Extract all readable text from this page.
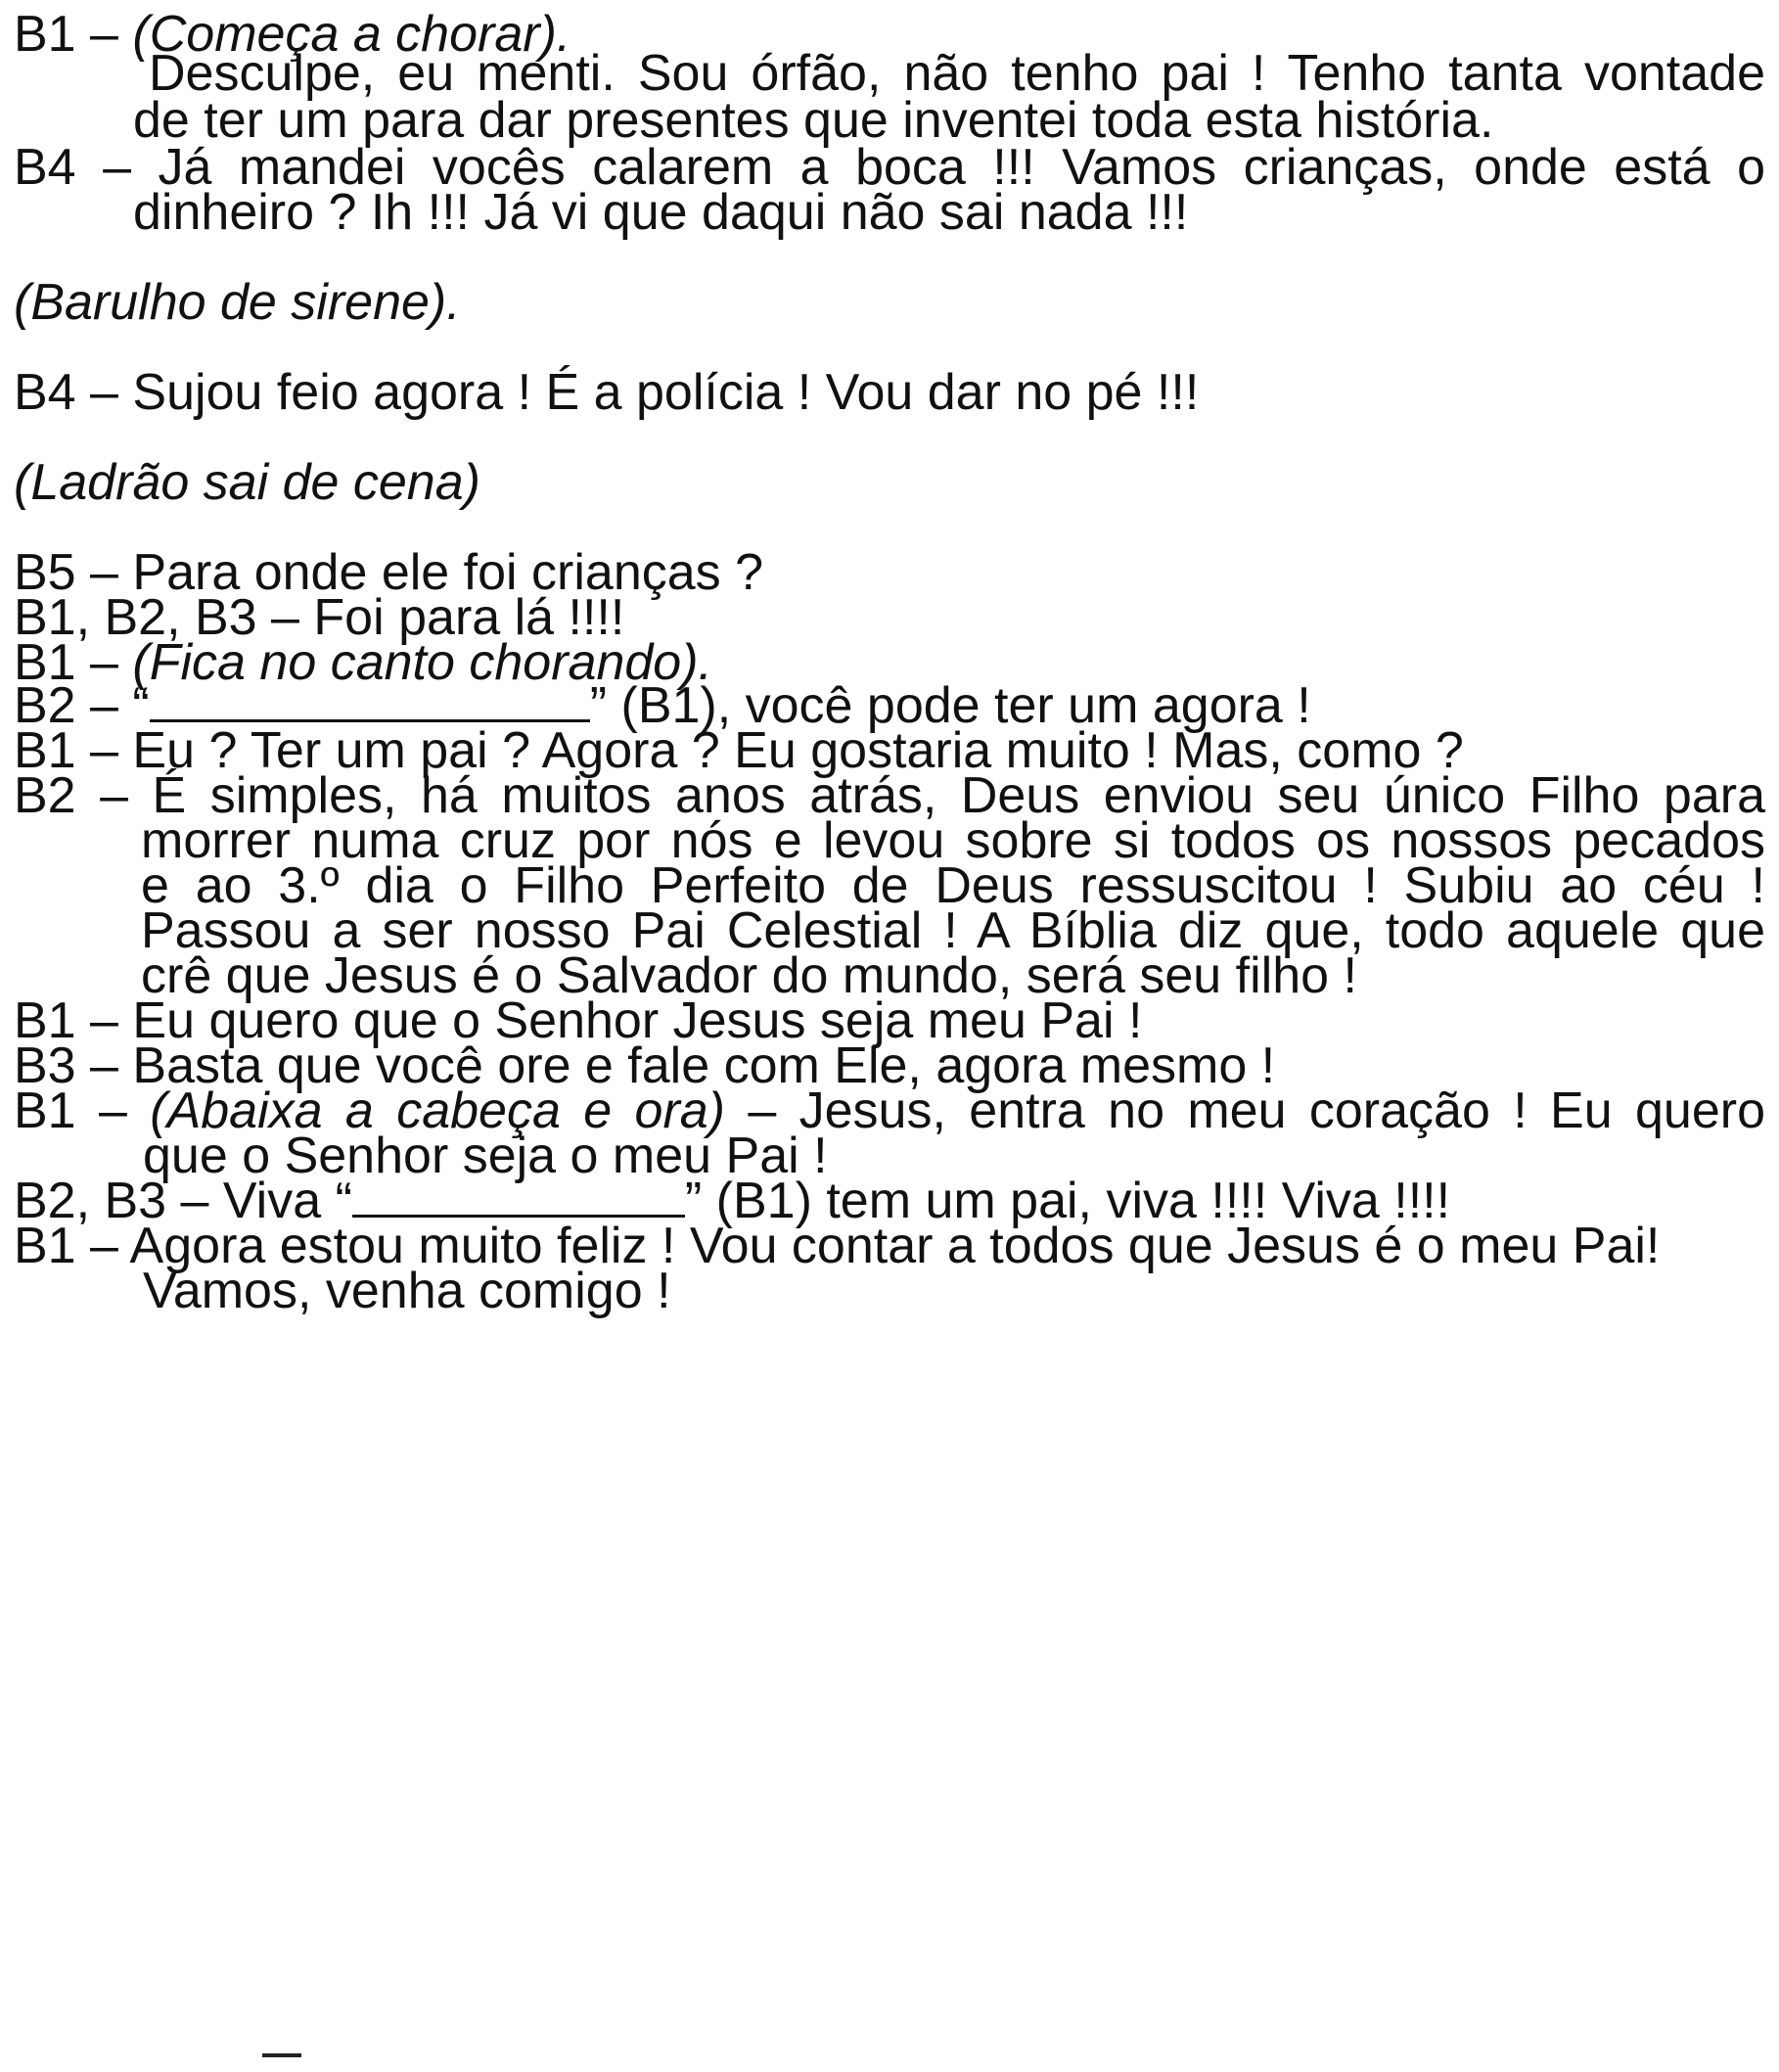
B1 – (Começa a chorar).
Desculpe, eu menti. Sou órfão, não tenho pai ! Tenho tanta vontade
de ter um para dar presentes que inventei toda esta história.
B4 – Já mandei vocês calarem a boca !!! Vamos crianças, onde está o
dinheiro ? Ih !!! Já vi que daqui não sai nada !!!
(Barulho de sirene).
B4 – Sujou feio agora ! É a polícia ! Vou dar no pé !!!
(Ladrão sai de cena)
B5 – Para onde ele foi crianças ?
B1, B2, B3 – Foi para lá !!!!
B1 – (Fica no canto chorando).
B2 – “	” (B1), você pode ter um agora !
B1 – Eu ? Ter um pai ? Agora ? Eu gostaria muito ! Mas, como ?
B2 – É simples, há muitos anos atrás, Deus enviou seu único Filho para
morrer numa cruz por nós e levou sobre si todos os nossos pecados
e ao 3.º dia o Filho Perfeito de Deus ressuscitou ! Subiu ao céu !
Passou a ser nosso Pai Celestial ! A Bíblia diz que, todo aquele que
crê que Jesus é o Salvador do mundo, será seu filho !
B1 – Eu quero que o Senhor Jesus seja meu Pai !
B3 – Basta que você ore e fale com Ele, agora mesmo !
B1 – (Abaixa a cabeça e ora) – Jesus, entra no meu coração ! Eu quero
que o Senhor seja o meu Pai !
B2, B3 – Viva “	” (B1) tem um pai, viva !!!! Viva !!!!
B1 – Agora estou muito feliz ! Vou contar a todos que Jesus é o meu Pai!
Vamos, venha comigo !
